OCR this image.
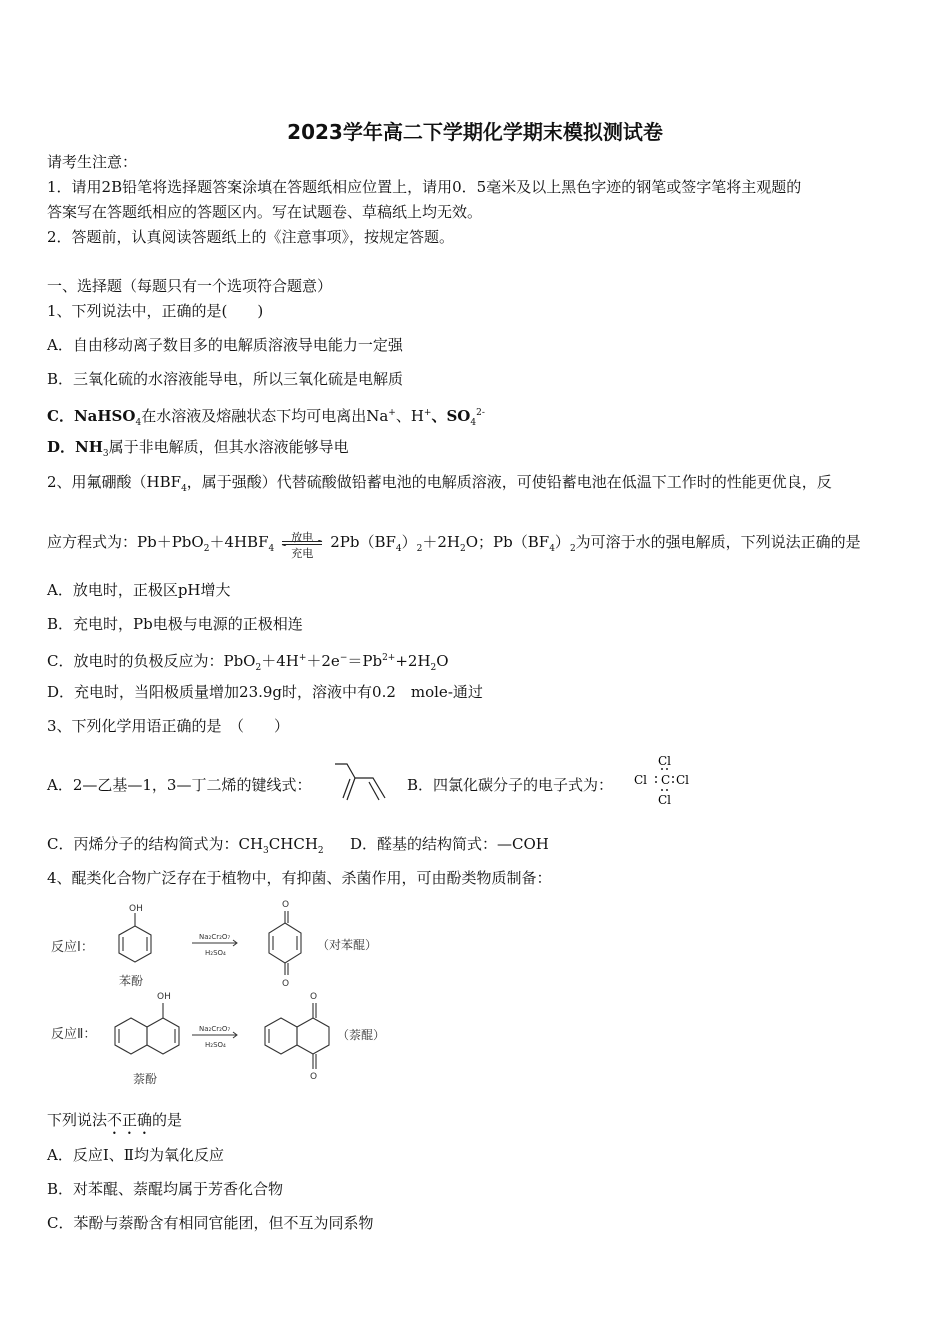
2023学年高二下学期化学期末模拟测试卷
请考生注意：
1．请用2B铅笔将选择题答案涂填在答题纸相应位置上，请用0．5毫米及以上黑色字迹的钢笔或签字笔将主观题的
答案写在答题纸相应的答题区内。写在试题卷、草稿纸上均无效。
2．答题前，认真阅读答题纸上的《注意事项》，按规定答题。
一、选择题（每题只有一个选项符合题意）
1、下列说法中，正确的是(　　)
A．自由移动离子数目多的电解质溶液导电能力一定强
B．三氧化硫的水溶液能导电，所以三氧化硫是电解质
C．NaHSO$_4$在水溶液及熔融状态下均可电离出Na+、H+、$SO_4^{2-}$
D．$NH_3$属于非电解质，但其水溶液能够导电
2、用氟硼酸（$HBF_4$，属于强酸）代替硫酸做铅蓄电池的电解质溶液，可使铅蓄电池在低温下工作时的性能更优良，反
应方程式为：$Pb+PbO_2+4HBF_4$
放电
充电
$2Pb(BF_4)_2+2H_2O$；$Pb(BF_4)_2$为可溶于水的强电解质，下列说法正确的是
A．放电时，正极区pH增大
B．充电时，Pb电极与电源的正极相连
C．放电时的负极反应为：$PbO_2+4H^++2e^-=Pb^{2+}+2H_2O$
D．充电时，当阳极质量增加23.9g时，溶液中有0.2　mole-通过
3、下列化学用语正确的是　（　　）
A．2—乙基—1，3—丁二烯的键线式：	B．四氯化碳分子的电子式为：
Cl
Cl C Cl
Cl
C．丙烯分子的结构简式为：$CH_3CHCH_2$ D．醛基的结构简式：—COH
4、醌类化合物广泛存在于植物中，有抑菌、杀菌作用，可由酚类物质制备：
反应Ⅰ：
OH
苯酚
Na₂Cr₂O₇
H₂SO₄
O
O
（对苯醌）
反应Ⅱ：
OH
萘酚
Na₂Cr₂O₇
H₂SO₄
O
O
（萘醌）
下列说法不正确的是
A．反应Ⅰ、Ⅱ均为氧化反应
B．对苯醌、萘醌均属于芳香化合物
C．苯酚与萘酚含有相同官能团，但不互为同系物
